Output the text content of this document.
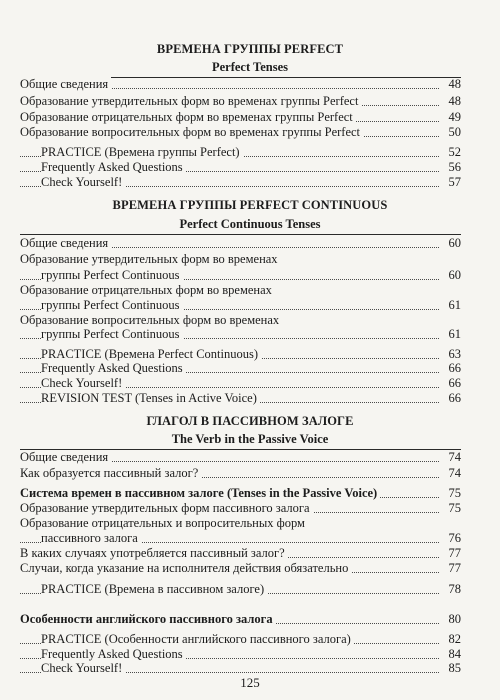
ВРЕМЕНА ГРУППЫ PERFECT
Perfect Tenses
Общие сведения	48
Образование утвердительных форм во временах группы Perfect	48
Образование отрицательных форм во временах группы Perfect	49
Образование вопросительных форм во временах группы Perfect	50
PRACTICE (Времена группы Perfect)	52
Frequently Asked Questions	56
Check Yourself!	57
ВРЕМЕНА ГРУППЫ PERFECT CONTINUOUS
Perfect Continuous Tenses
Общие сведения	60
Образование утвердительных форм во временах
группы Perfect Continuous	60
Образование отрицательных форм во временах
группы Perfect Continuous	61
Образование вопросительных форм во временах
группы Perfect Continuous	61
PRACTICE (Времена Perfect Continuous)	63
Frequently Asked Questions	66
Check Yourself!	66
REVISION TEST (Tenses in Active Voice)	66
ГЛАГОЛ В ПАССИВНОМ ЗАЛОГЕ
The Verb in the Passive Voice
Общие сведения	74
Как образуется пассивный залог?	74
Система времен в пассивном залоге (Tenses in the Passive Voice)	75
Образование утвердительных форм пассивного залога	75
Образование отрицательных и вопросительных форм
пассивного залога	76
В каких случаях употребляется пассивный залог?	77
Случаи, когда указание на исполнителя действия обязательно	77
PRACTICE (Времена в пассивном залоге)	78
Особенности английского пассивного залога	80
PRACTICE (Особенности английского пассивного залога)	82
Frequently Asked Questions	84
Check Yourself!	85
125
